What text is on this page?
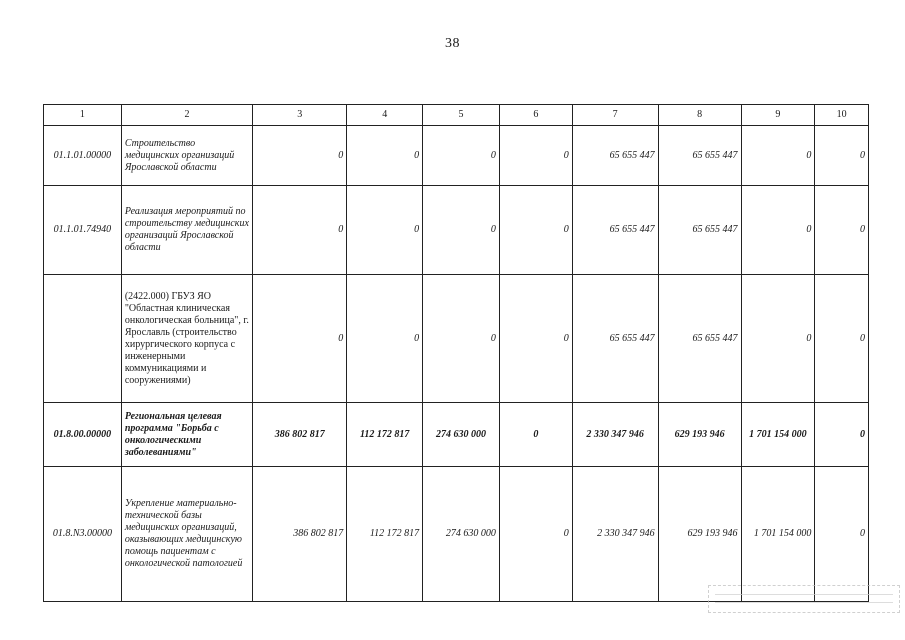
38
1	2	3	4	5	6	7	8	9	10
01.1.01.00000	Строительство медицинских организаций Ярославской области	0	0	0	0	65 655 447	65 655 447	0	0
01.1.01.74940	Реализация мероприятий по строительству медицинских организаций Ярославской области	0	0	0	0	65 655 447	65 655 447	0	0
	(2422.000) ГБУЗ ЯО "Областная клиническая онкологическая больница", г. Ярославль (строительство хирургического корпуса с инженерными коммуникациями и сооружениями)	0	0	0	0	65 655 447	65 655 447	0	0
01.8.00.00000	Региональная целевая программа "Борьба с онкологическими заболеваниями"	386 802 817	112 172 817	274 630 000	0	2 330 347 946	629 193 946	1 701 154 000	0
01.8.N3.00000	Укрепление материально-технической базы медицинских организаций, оказывающих медицинскую помощь пациентам с онкологической патологией	386 802 817	112 172 817	274 630 000	0	2 330 347 946	629 193 946	1 701 154 000	0
